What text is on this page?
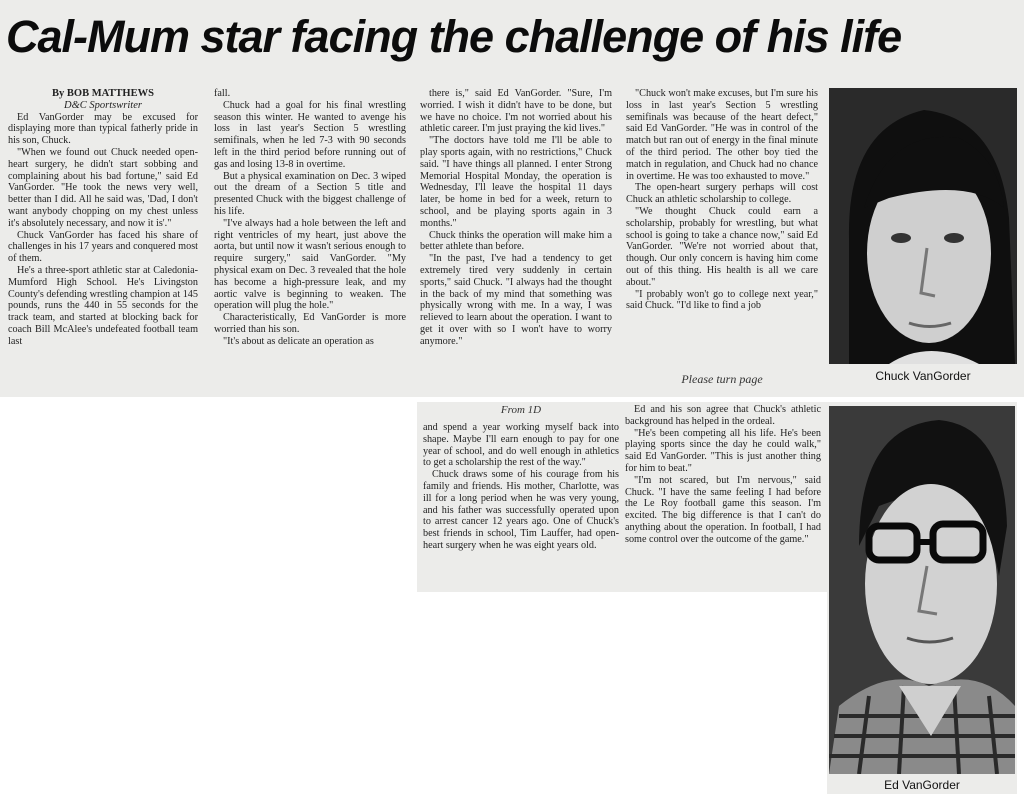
Cal-Mum star facing the challenge of his life

By BOB MATTHEWS

D&C Sportswriter

Ed VanGorder may be excused for displaying more than typical fatherly pride in his son, Chuck.

"When we found out Chuck needed open-heart surgery, he didn't start sobbing and complaining about his bad fortune," said Ed VanGorder. "He took the news very well, better than I did. All he said was, 'Dad, I don't want anybody chopping on my chest unless it's absolutely necessary, and now it is'."

Chuck VanGorder has faced his share of challenges in his 17 years and conquered most of them.

He's a three-sport athletic star at Caledonia-Mumford High School. He's Livingston County's defending wrestling champion at 145 pounds, runs the 440 in 55 seconds for the track team, and started at blocking back for coach Bill McAlee's undefeated football team last

fall.

Chuck had a goal for his final wrestling season this winter. He wanted to avenge his loss in last year's Section 5 wrestling semifinals, when he led 7-3 with 90 seconds left in the third period before running out of gas and losing 13-8 in overtime.

But a physical examination on Dec. 3 wiped out the dream of a Section 5 title and presented Chuck with the biggest challenge of his life.

"I've always had a hole between the left and right ventricles of my heart, just above the aorta, but until now it wasn't serious enough to require surgery," said VanGorder. "My physical exam on Dec. 3 revealed that the hole has become a high-pressure leak, and my aortic valve is beginning to weaken. The operation will plug the hole."

Characteristically, Ed VanGorder is more worried than his son.

"It's about as delicate an operation as

there is," said Ed VanGorder. "Sure, I'm worried. I wish it didn't have to be done, but we have no choice. I'm not worried about his athletic career. I'm just praying the kid lives."

"The doctors have told me I'll be able to play sports again, with no restrictions," Chuck said. "I have things all planned. I enter Strong Memorial Hospital Monday, the operation is Wednesday, I'll leave the hospital 11 days later, be home in bed for a week, return to school, and be playing sports again in 3 months."

Chuck thinks the operation will make him a better athlete than before.

"In the past, I've had a tendency to get extremely tired very suddenly in certain sports," said Chuck. "I always had the thought in the back of my mind that something was physically wrong with me. In a way, I was relieved to learn about the operation. I want to get it over with so I won't have to worry anymore."

"Chuck won't make excuses, but I'm sure his loss in last year's Section 5 wrestling semifinals was because of the heart defect," said Ed VanGorder. "He was in control of the match but ran out of energy in the final minute of the third period. The other boy tied the match in regulation, and Chuck had no chance in overtime. He was too exhausted to move."

The open-heart surgery perhaps will cost Chuck an athletic scholarship to college.

"We thought Chuck could earn a scholarship, probably for wrestling, but what school is going to take a chance now," said Ed VanGorder. "We're not worried about that, though. Our only concern is having him come out of this thing. His health is all we care about."

"I probably won't go to college next year," said Chuck. "I'd like to find a job

Please turn page	Chuck VanGorder
From 1D

and spend a year working myself back into shape. Maybe I'll earn enough to pay for one year of school, and do well enough in athletics to get a scholarship the rest of the way."

Chuck draws some of his courage from his family and friends. His mother, Charlotte, was ill for a long period when he was very young, and his father was successfully operated upon to arrest cancer 12 years ago. One of Chuck's best friends in school, Tim Lauffer, had open-heart surgery when he was eight years old.

Ed and his son agree that Chuck's athletic background has helped in the ordeal.

"He's been competing all his life. He's been playing sports since the day he could walk," said Ed VanGorder. "This is just another thing for him to beat."

"I'm not scared, but I'm nervous," said Chuck. "I have the same feeling I had before the Le Roy football game this season. I'm excited. The big difference is that I can't do anything about the operation. In football, I had some control over the outcome of the game."

Ed VanGorder
